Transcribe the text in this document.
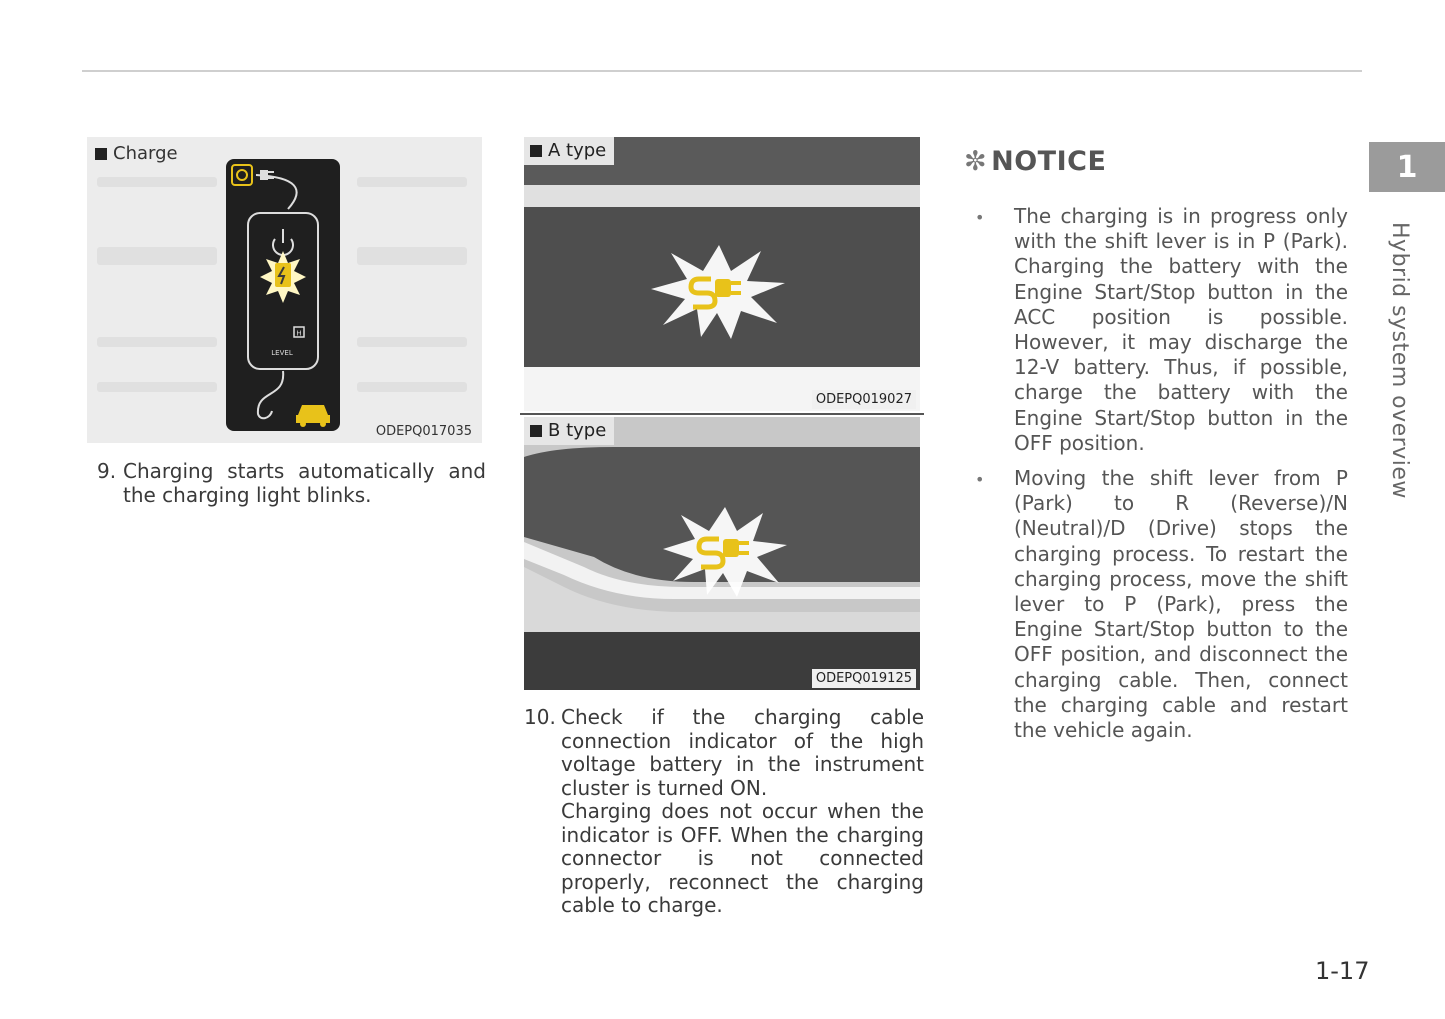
Charge
H
LEVEL
ODEPQ017035
A type
ODEPQ019027
B type
ODEPQ019125
9. Charging starts automatically and the charging light blinks.
10. Check if the charging cable connection indicator of the high voltage battery in the instrument cluster is turned ON.
Charging does not occur when the indicator is OFF. When the charging connector is not connected properly, reconnect the charging cable to charge.
✼ NOTICE
• The charging is in progress only with the shift lever is in P (Park). Charging the battery with the Engine Start/Stop button in the ACC position is possible. However, it may discharge the 12-V battery. Thus, if possible, charge the battery with the Engine Start/Stop button in the OFF position.
• Moving the shift lever from P (Park) to R (Reverse)/N (Neutral)/D (Drive) stops the charging process. To restart the charging process, move the shift lever to P (Park), press the Engine Start/Stop button to the OFF position, and disconnect the charging cable. Then, connect the charging cable and restart the vehicle again.
1
Hybrid system overview
1-17
